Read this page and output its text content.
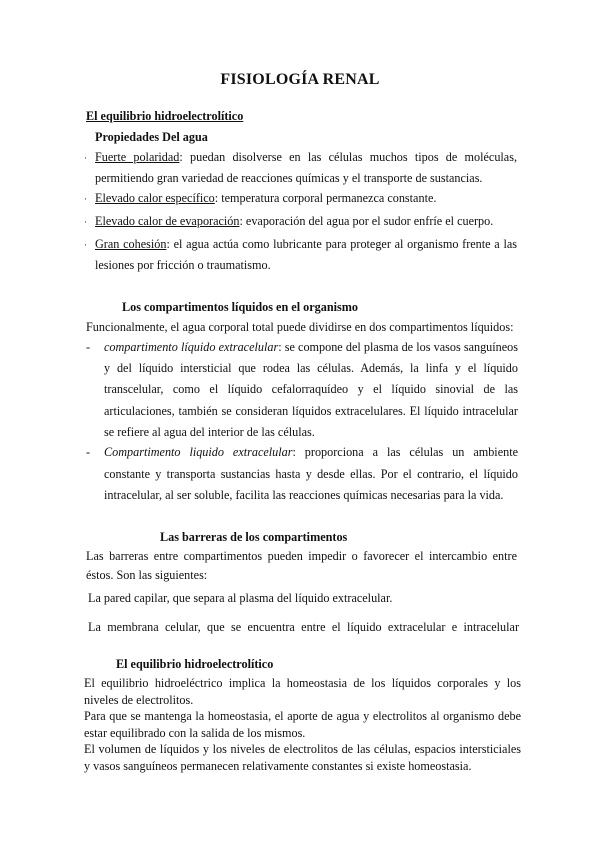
FISIOLOGÍA RENAL
El equilibrio hidroelectrolítico
Propiedades Del agua
· Fuerte polaridad: puedan disolverse en las células muchos tipos de moléculas, permitiendo gran variedad de reacciones químicas y el transporte de sustancias.

· Elevado calor específico: temperatura corporal permanezca constante.

· Elevado calor de evaporación: evaporación del agua por el sudor enfríe el cuerpo.

· Gran cohesión: el agua actúa como lubricante para proteger al organismo frente a las lesiones por fricción o traumatismo.

Los compartimentos líquidos en el organismo
Funcionalmente, el agua corporal total puede dividirse en dos compartimentos líquidos:
- compartimento líquido extracelular: se compone del plasma de los vasos sanguíneos y del líquido intersticial que rodea las células. Además, la linfa y el líquido transcelular, como el líquido cefalorraquídeo y el líquido sinovial de las articulaciones, también se consideran líquidos extracelulares. El líquido intracelular se refiere al agua del interior de las células.

- Compartimento liquido extracelular: proporciona a las células un ambiente constante y transporta sustancias hasta y desde ellas. Por el contrario, el líquido intracelular, al ser soluble, facilita las reacciones químicas necesarias para la vida.

Las barreras de los compartimentos

Las barreras entre compartimentos pueden impedir o favorecer el intercambio entre éstos. Son las siguientes:

La pared capilar, que separa al plasma del líquido extracelular.

La membrana celular, que se encuentra entre el líquido extracelular e intracelular

El equilibrio hidroelectrolítico

El equilibrio hidroeléctrico implica la homeostasia de los líquidos corporales y los niveles de electrolitos.

Para que se mantenga la homeostasia, el aporte de agua y electrolitos al organismo debe estar equilibrado con la salida de los mismos.

El volumen de líquidos y los niveles de electrolitos de las células, espacios intersticiales y vasos sanguíneos permanecen relativamente constantes si existe homeostasia.
